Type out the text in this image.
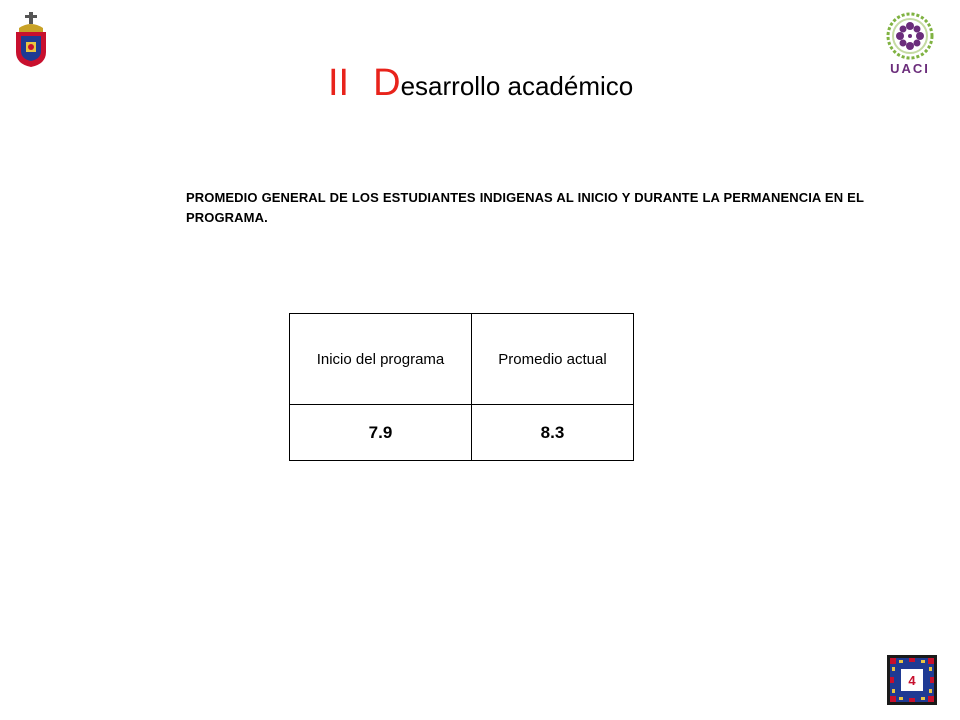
UACI
II Desarrollo académico
PROMEDIO GENERAL DE LOS ESTUDIANTES INDIGENAS AL INICIO Y DURANTE LA PERMANENCIA EN EL PROGRAMA.
Inicio del programa	Promedio actual
7.9	8.3
4
